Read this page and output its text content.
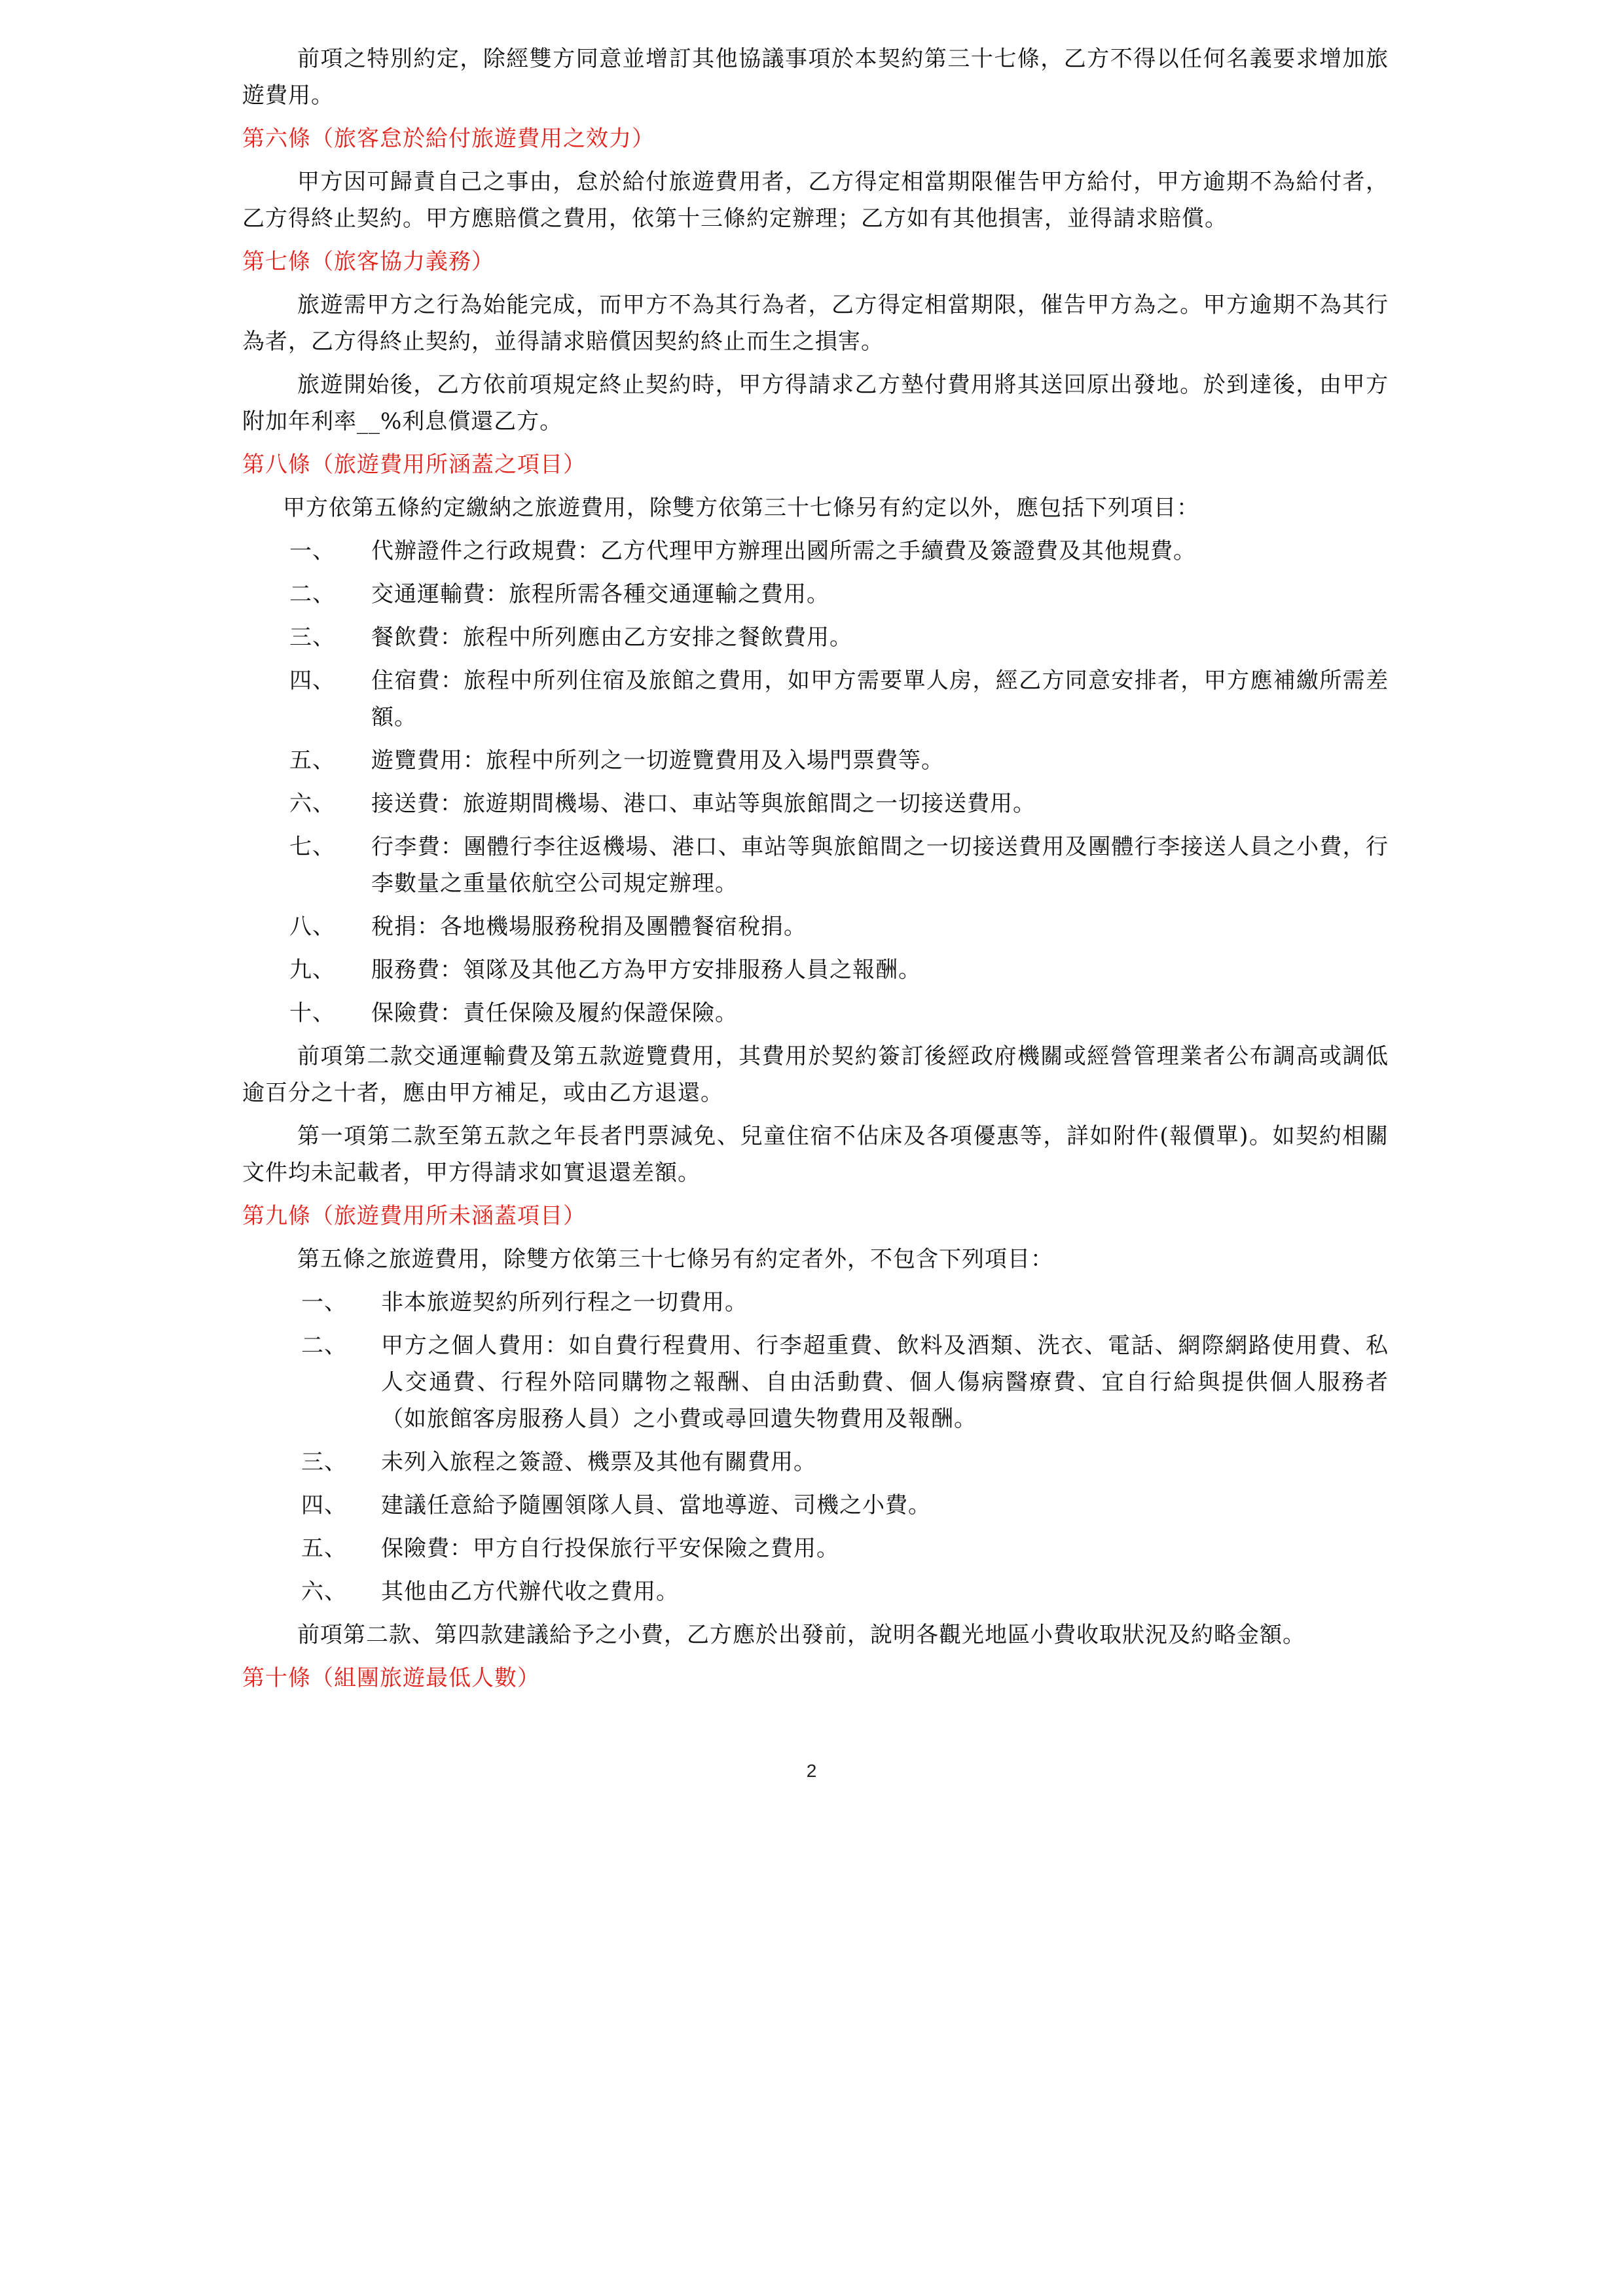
前項之特別約定，除經雙方同意並增訂其他協議事項於本契約第三十七條，乙方不得以任何名義要求增加旅遊費用。

第六條（旅客怠於給付旅遊費用之效力）

甲方因可歸責自己之事由，怠於給付旅遊費用者，乙方得定相當期限催告甲方給付，甲方逾期不為給付者，乙方得終止契約。甲方應賠償之費用，依第十三條約定辦理；乙方如有其他損害，並得請求賠償。

第七條（旅客協力義務）

旅遊需甲方之行為始能完成，而甲方不為其行為者，乙方得定相當期限，催告甲方為之。甲方逾期不為其行為者，乙方得終止契約，並得請求賠償因契約終止而生之損害。

旅遊開始後，乙方依前項規定終止契約時，甲方得請求乙方墊付費用將其送回原出發地。於到達後，由甲方附加年利率__%利息償還乙方。

第八條（旅遊費用所涵蓋之項目）

甲方依第五條約定繳納之旅遊費用，除雙方依第三十七條另有約定以外，應包括下列項目：

一、	代辦證件之行政規費：乙方代理甲方辦理出國所需之手續費及簽證費及其他規費。
二、	交通運輸費：旅程所需各種交通運輸之費用。
三、	餐飲費：旅程中所列應由乙方安排之餐飲費用。
四、	住宿費：旅程中所列住宿及旅館之費用，如甲方需要單人房，經乙方同意安排者，甲方應補繳所需差額。
五、	遊覽費用：旅程中所列之一切遊覽費用及入場門票費等。
六、	接送費：旅遊期間機場、港口、車站等與旅館間之一切接送費用。
七、	行李費：團體行李往返機場、港口、車站等與旅館間之一切接送費用及團體行李接送人員之小費，行李數量之重量依航空公司規定辦理。
八、	稅捐：各地機場服務稅捐及團體餐宿稅捐。
九、	服務費：領隊及其他乙方為甲方安排服務人員之報酬。
十、	保險費：責任保險及履約保證保險。

前項第二款交通運輸費及第五款遊覽費用，其費用於契約簽訂後經政府機關或經營管理業者公布調高或調低逾百分之十者，應由甲方補足，或由乙方退還。

第一項第二款至第五款之年長者門票減免、兒童住宿不佔床及各項優惠等，詳如附件(報價單)。如契約相關文件均未記載者，甲方得請求如實退還差額。

第九條（旅遊費用所未涵蓋項目）

第五條之旅遊費用，除雙方依第三十七條另有約定者外，不包含下列項目：

一、	非本旅遊契約所列行程之一切費用。
二、	甲方之個人費用：如自費行程費用、行李超重費、飲料及酒類、洗衣、電話、網際網路使用費、私人交通費、行程外陪同購物之報酬、自由活動費、個人傷病醫療費、宜自行給與提供個人服務者（如旅館客房服務人員）之小費或尋回遺失物費用及報酬。
三、	未列入旅程之簽證、機票及其他有關費用。
四、	建議任意給予隨團領隊人員、當地導遊、司機之小費。
五、	保險費：甲方自行投保旅行平安保險之費用。
六、	其他由乙方代辦代收之費用。

前項第二款、第四款建議給予之小費，乙方應於出發前，說明各觀光地區小費收取狀況及約略金額。

第十條（組團旅遊最低人數）
2
